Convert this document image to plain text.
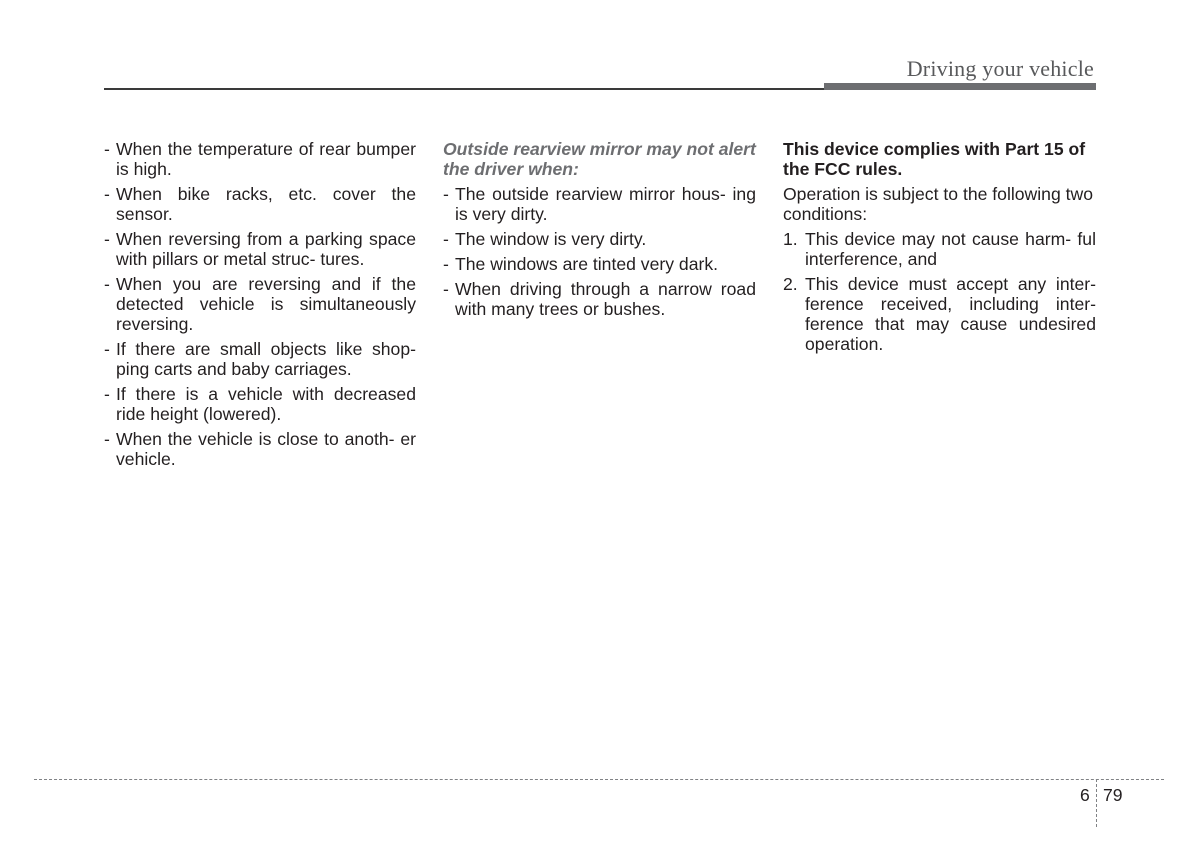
Driving your vehicle
- When the temperature of rear bumper is high.
- When bike racks, etc. cover the sensor.
- When reversing from a parking space with pillars or metal struc- tures.
- When you are reversing and if the detected vehicle is simultaneously reversing.
- If there are small objects like shop- ping carts and baby carriages.
- If there is a vehicle with decreased ride height (lowered).
- When the vehicle is close to anoth- er vehicle.
Outside rearview mirror may not alert the driver when:
- The outside rearview mirror hous- ing is very dirty.
- The window is very dirty.
- The windows are tinted very dark.
- When driving through a narrow road with many trees or bushes.
This device complies with Part 15 of the FCC rules.
Operation is subject to the following two conditions:
1. This device may not cause harm- ful interference, and
2. This device must accept any inter- ference received, including inter- ference that may cause undesired operation.
6 79
